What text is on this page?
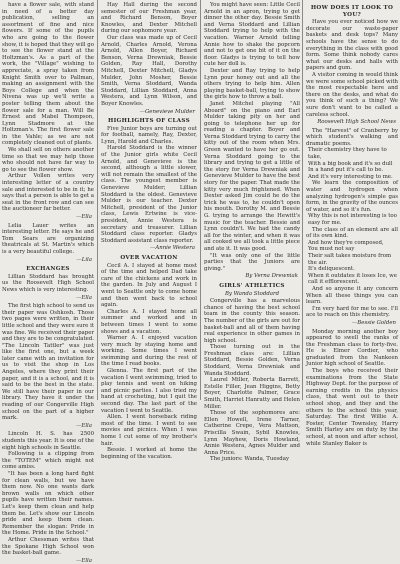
have a flower sale, with stand in need of a better day publication, selling an assortment of fine and nice flowers. If some of the pupils who are going to the flower show, it is hoped that they will go to see the flower stand at the Holtzman's. As a part of the work, the "Village" wishing to appreciate, a spray taken from Knight Smith over to Pallman, making an assignment with the Boys College and when the Nivena was up we'll write a poster telling them about the flower sale for a man. Will Be Ernest and Mabel Thompson, Lynn Stadmore at the Holtzman's. The first flower sale in the Vahle; as we are not completely cleaned out of plants.

We shall sell on others another time so that we may help those who should not have far way to go to see the flower show.

Arthur Vollen writes very interesting letter of a country sale and interested to be in it; he says that a person is able to get a seat in the front row and can see the auctioneer far better.

—Ella

Lelia Lauer writes an interesting letter. He says he and Tom Sears are organizing theatricals at St. Martin's which is a very beautiful college.

—Lila

EXCHANGES

Lillian Stoddard has brought us the Roosevelt High School News which is very interesting.

—Ella

The first high school to send us their paper was Oshkosh. Those two pages were written, in their little school and they were sure it was fine. We received their paper and they are to be congratulated. "The Lincoln Tattler" was just like the first one, but a week later came with an invitation for us to visit the shop in Los Angeles, where they print their paper, and it is a school, and it is said to be the best in the state. We still have their paper in our library. They have it under the reading of our Congerville High school on the part of a higher mark.

—Ella

Lincoln H. S. has 2500 students this year. It is one of the eight high schools in Seattle.

Following is a clipping from the "TOTEM" which might not come amiss.

"It has been a long hard fight for clean walls, but we have them now. No one wants dark brown walls on which other pupils have written their names. Let's keep them clean and help them be. Let's show our Lincoln pride and keep them clean. Remember the slogan: Pride in the Home. Pride in the School."

Arthur Chessman writes that the Spokane High School won the basket-ball game.

—Ella

Hay Hall during the second semester of our Freshman year, and Richard Benson, Boyer Knowles, and Dexter Mitchell during our sophomore year.

Our class was made up of Cecil Arnold, Charles Arnold, Verona Arnold, Allen Boyer, Richard Benson, Verna Drewniak, Bessie Golden, Ray Hall, Dorothy Mitchell, Dexter Mitchell, Gladys Mulder, John Mosher, Bessie Smith, Verna Stoddard, Wanda Stoddard, Lillian Stoddard, Anna Westera, and Lynn Wilson, and Boyer Knowles.

—Genevieve Mulder

HIGHLIGHTS OF CLASS

Five Junior boys are turning out for football, namely, Ray, Dexter, Lynn, Harold and Charles.

Harold Stoddard is the winner of the Junior girls white Cecil Arnold, and Genevieve is the second, although a little slower, will not remain the smallest of the class. The youngest member is Genevieve Mulder; Lillian Stoddard is the oldest. Genevieve Mulder is our teacher. Dexter Mitchell, president of the Junior class, Lewis Ertwine is vice-president, Annie Westera is secretary and treasurer. Lillian Stoddard class reporter. Gladys Stoddard assistant class reporter.

—Annie Westera

OVER VACATION

Cecil A. I stayed at home most of the time and helped Dad take care of the chickens and work in the garden. In July and August I went to Seattle only to come home and then went back to school again.

Charles A. I stayed home all summer and worked and in between times I went to some shows and a vacation.

Warner A. I enjoyed vacation very much by staying home and working. Some times I went swimming and during the rest of the time I read books.

Glenna. The first part of the vacation I went swimming, tried to play tennis and went on hiking and picnic parties. I also tried my hand at crocheting, but I quit the second day. The last part of the vacation I went to Seattle.

Allen. I went horseback riding most of the time. I went to see movies and picnics. When I was home I cut some of my brother's hair.

Bessie. I worked at home the beginning of the vacation.

You might have seen: Little Cecil Arnold in an apron, trying to get dinner the other day. Bessie Smith and Verna Stoddard and Lillian Stoddard trying to help with the vacation. Warner Arnold telling Annie how to shake the popcorn and not to get one bit of it on the floor. Gladys is trying to tell how cute her doll is.

Dexter and Ray trying to help Lynn pour honey out and all the others trying to help him. Allen playing basket-ball, trying to show the girls how to throw a ball.

Janet Mitchel playing "All Aboard" on the piano and Earl Mulder taking pity on her and going to telephone her up for reading a chapter. Boyer and Verna Stoddard trying to carry the kitty out of the room when Mrs. Green wanted to have her go out. Verna Stoddard going to the library and trying to get a little of the story for Verna Drewniak and Genevieve Mulder to have the best story for the paper. That made the kitty very much frightened. When Dexter asked Jim could he do the trick he was to, he couldn't open his mouth. Dorothy M. and Bessie G. trying to arrange the Hewitt's music for the teacher. Bessie and Lynn couldn't. We had the candy all for the winter, and when it was all cooked we all took a little piece and ate it. It was good.

"It was only one of the little parties that the Juniors are giving."

By Verna Drewniak

GIRLS' ATHLETICS

By Wanda Stoddard

Congerville has a marvelous chance of having the best school team in the county this season. The number of the girls are out for basket-ball and all of them having real experience in other games in high school.

Those turning out in the Freshman class are: Lillian Stoddard, Bessie Golden, Verna Stoddard, Verna Drewniak and Wanda Stoddard.

Laurel Miller, Roberta Barrett, Estelle Filler, Jean Higgins, Betty Boyer, Charlotte Palmer, Grace Smith, Harriet Hanratty and Helen Miller.

Those of the sophomores are: Ellen Howell, Irene Tarner, Catherine Crepe, Vera Mattson, Priscilla Swain, Sybil Knowles, Lynn Mayhew, Doris Howland, Annie Westera, Agnes Mulder and Anna Price.

The juniors: Wanda, Tuesday

HOW DOES IT LOOK TO YOU?

Have you ever noticed how we decorate our waste-paper baskets and desk tops? Many schools have the sense to do everything in the class with good form. Some think nobody cares what our desks and halls with papers and gum.

A visitor coming in would think we were some school picked with the most respectable here and there on the desks, and what do you think of such a thing? We sure don't want to be called a careless school.

Roosevelt High School News

The "Harvest" of Cranberry by which student's walking and dramatic poems.

Their chemistry they have to take,

With a big book and it's so dull

In a hand put it's call to be.

And it's very interesting to me.

We learn the composition of water and hydrogen when analyzing hydrogen's simple gas form, in the gravity of the ounces of water, and so it's fun.

Why this is not interesting is too easy for me.

The class of an element are all of its own kind.

And how they're composed,

You must not say

Their salt takes moisture from the air.

It's deliquescent.

When it outdates it loses Ice, we call it efflorescent.

And so anyone it any concern When all these things you can learn.

I'm very hard for me to see. I'll ace to reach on this chemistry.

—Bessie Golden

Monday morning another boy appeared to swell the ranks of the Freshman class to forty-five. He is Elmer Cordier, who graduated from the Nankeen Junior high school of Seattle.

The boys who received their examinations from the State Highway Dept. for the purpose of earning credits in the physics class, that went out to their school shop, and they and the others to the school this year, Saturday. The first Willie A. Foster, Center Townsley, Harry Smith Harley are on duty by the school, at noon and after school, while Stanley Baker is
